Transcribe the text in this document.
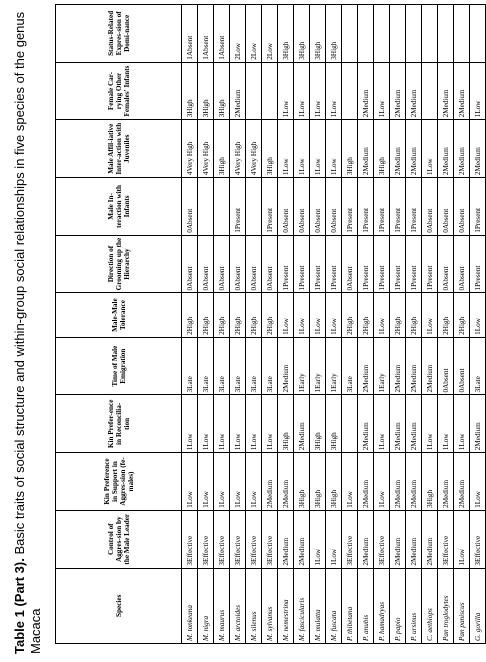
Table 1 (Part 3). Basic traits of social structure and within-group social relationships in five species of the genus Macaca
Species	Control of Aggres-sion by the Male Leader	Kin Preference in Support in Aggres-sion (fe-males)	Kin Prefer-ence in Reconcilia-tion	Time of Male Emigration	Male-Male Tolerance	Direction of Grooming up the Hierarchy	Male In-teraction with Infants	Male Affil-iative Inter-action with Juveniles	Female Car-rying Other Females' Infants	Status-Related Expres-sion of Domi-nance
M. tonkeana	3Effective	1Low	1Low	3Late	2High	0Absent	0Absent	4Very High	3High	1Absent
M. nigra	3Effective	1Low	1Low	3Late	2High	0Absent		4Very High	3High	1Absent
M. maurus	3Effective	1Low	1Low	3Late	2High	0Absent		3High	3High	1Absent
M. arctoides	3Effective	1Low	1Low	3Late	2High	0Absent	1Present	4Very High	2Medium	2Low
M. silenus	3Effective	1Low	1Low	3Late	2High	0Absent		4Very High		2Low
M. sylvanus	3Effective	2Medium	1Low	3Late	2High	0Absent	1Present	3High		2Low
M. nemestrina	2Medium	2Medium	3High	2Medium	1Low	1Present	0Absent	1Low	1Low	3High
M. fascicularis	2Medium	3High	2Medium	1Early	1Low	1Present	0Absent	1Low	1Low	3High
M. mulatta	1Low	3High	3High	1Early	1Low	1Present	0Absent	1Low	1Low	3High
M. fuscata	1Low	3High	3High	1Early	1Low	1Present	0Absent	1Low	1Low	3High
P. thibetana	3Effective	1Low		3Late	2High	0Absent	1Present	3High		
P. anubis	2Medium	2Medium	2Medium	2Medium	2High	1Present	1Present	2Medium	2Medium	
P. hamadryas	3Effective	1Low	1Low	1Early	1Low	1Present	1Present	3High	1Low	
P. papio	2Medium	2Medium	2Medium	2Medium	2High	1Present	1Present	2Medium	2Medium	
P. ursinus	2Medium	2Medium	2Medium	2Medium	2High	1Present	1Present	2Medium	2Medium	
C. aethiops	2Medium	3High	1Low	2Medium	1Low	1Present	0Absent	1Low		
Pan troglodytes	3Effective	2Medium	1Low	0Absent	2High	0Absent	0Absent	2Medium	2Medium	
Pan paniscus	1Low	2Medium	1Low	0Absent	2High	0Absent	0Absent	2Medium	2Medium	
G. gorilla	3Effective	1Low	2Medium	3Late	1Low	1Present	1Present	2Medium	1Low	
